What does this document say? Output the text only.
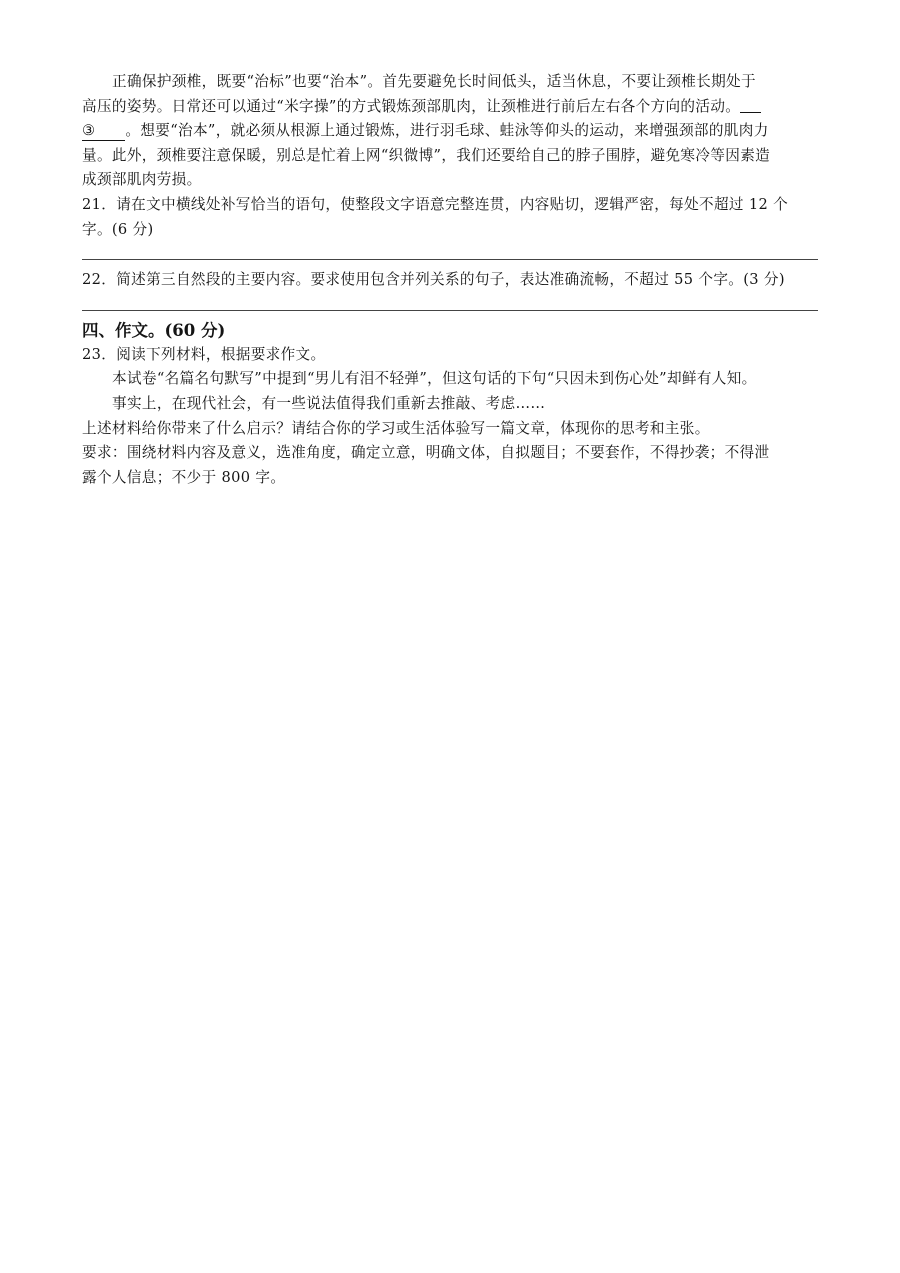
正确保护颈椎，既要“治标”也要“治本”。首先要避免长时间低头，适当休息，不要让颈椎长期处于
高压的姿势。日常还可以通过“米字操”的方式锻炼颈部肌肉，让颈椎进行前后左右各个方向的活动。
③ 。想要“治本”，就必须从根源上通过锻炼，进行羽毛球、蛙泳等仰头的运动，来增强颈部的肌肉力
量。此外，颈椎要注意保暖，别总是忙着上网“织微博”，我们还要给自己的脖子围脖，避免寒冷等因素造
成颈部肌肉劳损。
21．请在文中横线处补写恰当的语句，使整段文字语意完整连贯，内容贴切，逻辑严密，每处不超过 12 个
字。(6 分)
22．简述第三自然段的主要内容。要求使用包含并列关系的句子，表达准确流畅，不超过 55 个字。(3 分)
四、作文。(60 分)
23．阅读下列材料，根据要求作文。
本试卷“名篇名句默写”中提到“男儿有泪不轻弹”，但这句话的下句“只因未到伤心处”却鲜有人知。
事实上，在现代社会，有一些说法值得我们重新去推敲、考虑……
上述材料给你带来了什么启示？请结合你的学习或生活体验写一篇文章，体现你的思考和主张。
要求：围绕材料内容及意义，选准角度，确定立意，明确文体，自拟题目；不要套作，不得抄袭；不得泄
露个人信息；不少于 800 字。
